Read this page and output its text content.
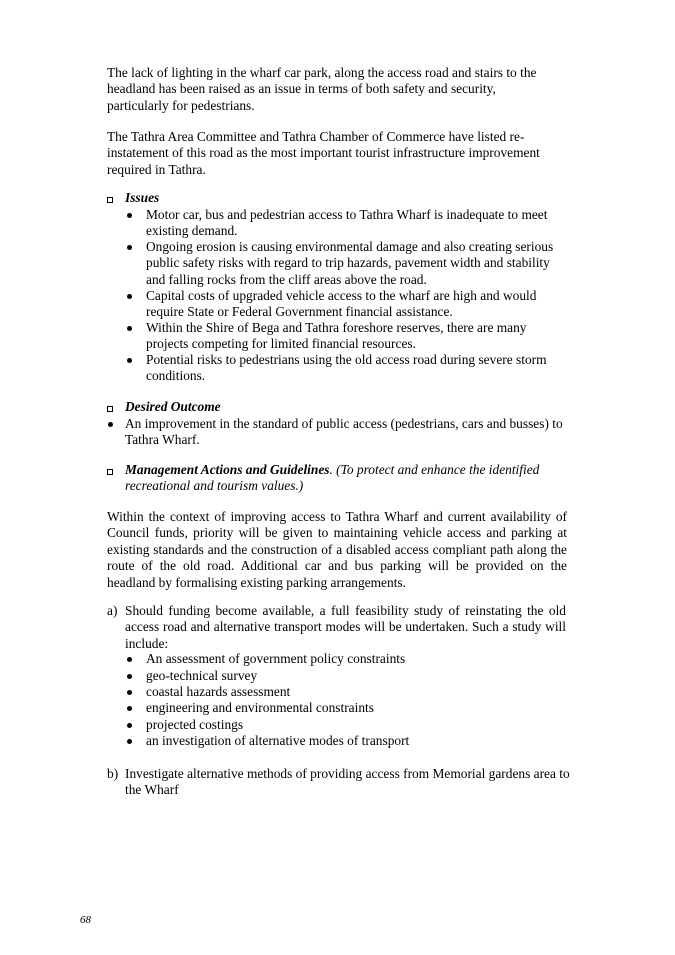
The lack of lighting in the wharf car park, along the access road and stairs to the headland has been raised as an issue in terms of both safety and security, particularly for pedestrians.

The Tathra Area Committee and Tathra Chamber of Commerce have listed re-instatement of this road as the most important tourist infrastructure improvement required in Tathra.

Issues

Motor car, bus and pedestrian access to Tathra Wharf is inadequate to meet existing demand.

Ongoing erosion is causing environmental damage and also creating serious public safety risks with regard to trip hazards, pavement width and stability and falling rocks from the cliff areas above the road.

Capital costs of upgraded vehicle access to the wharf are high and would require State or Federal Government financial assistance.

Within the Shire of Bega and Tathra foreshore reserves, there are many projects competing for limited financial resources.

Potential risks to pedestrians using the old access road during severe storm conditions.

Desired Outcome

An improvement in the standard of public access (pedestrians, cars and busses) to Tathra Wharf.

Management Actions and Guidelines. (To protect and enhance the identified recreational and tourism values.)

Within the context of improving access to Tathra Wharf and current availability of Council funds, priority will be given to maintaining vehicle access and parking at existing standards and the construction of a disabled access compliant path along the route of the old road. Additional car and bus parking will be provided on the headland by formalising existing parking arrangements.

a) Should funding become available, a full feasibility study of reinstating the old access road and alternative transport modes will be undertaken. Such a study will include:

An assessment of government policy constraints

geo-technical survey

coastal hazards assessment

engineering and environmental constraints

projected costings

an investigation of alternative modes of transport

b) Investigate alternative methods of providing access from Memorial gardens area to the Wharf

68
